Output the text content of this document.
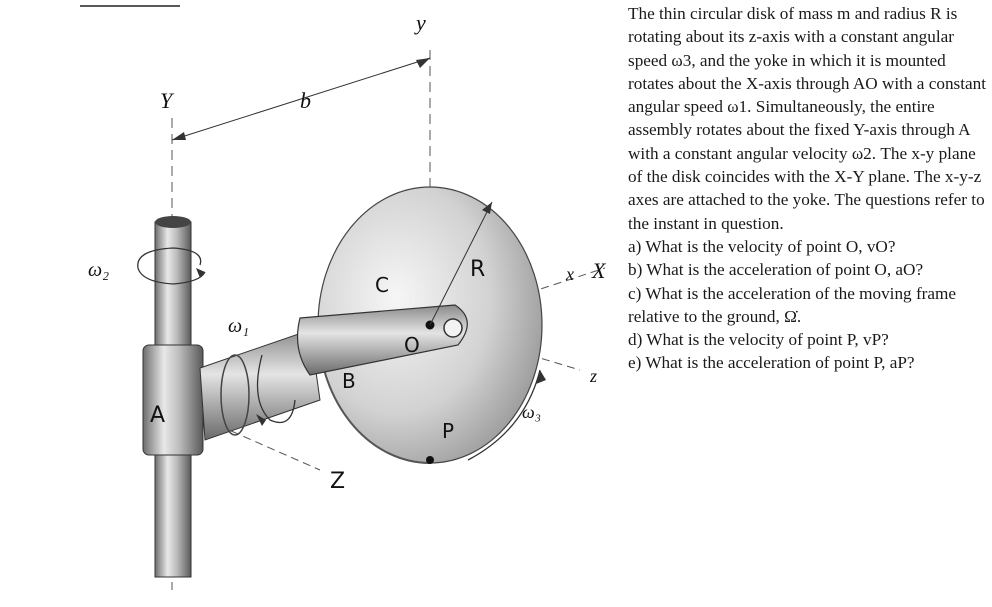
y
Y	b
ω₂
ω₁
ω₃
A
B
C
O
R
P
Z
x X
z

The thin circular disk of mass m and radius R is rotating about its z-axis with a constant angular speed ω3, and the yoke in which it is mounted rotates about the X-axis through AO with a constant angular speed ω1. Simultaneously, the entire assembly rotates about the fixed Y-axis through A with a constant angular velocity ω2. The x-y plane of the disk coincides with the X-Y plane. The x-y-z axes are attached to the yoke. The questions refer to the instant in question.

a) What is the velocity of point O, vO?

b) What is the acceleration of point O, aO?

c) What is the acceleration of the moving frame relative to the ground, Ω̇.

d) What is the velocity of point P, vP?

e) What is the acceleration of point P, aP?
